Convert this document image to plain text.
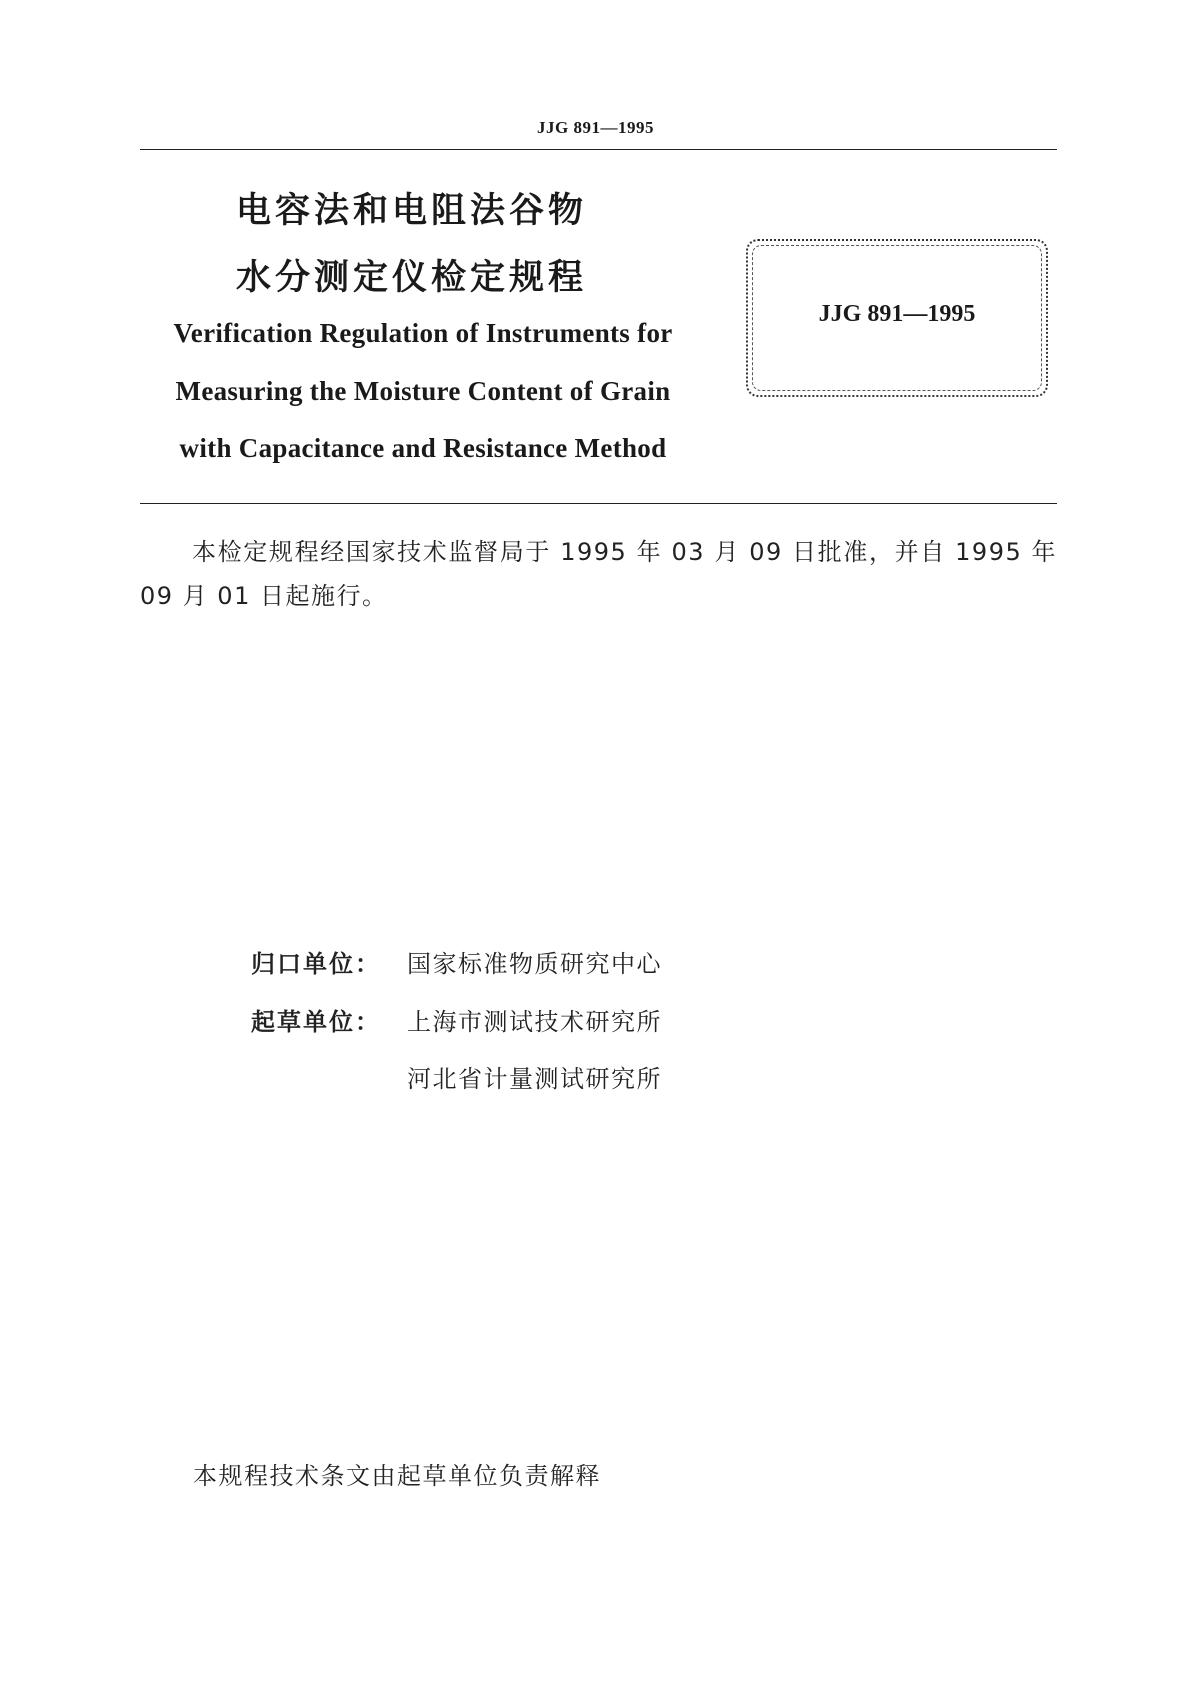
JJG 891—1995
电容法和电阻法谷物
水分测定仪检定规程
Verification Regulation of Instruments for
Measuring the Moisture Content of Grain
with Capacitance and Resistance Method
JJG 891—1995
本检定规程经国家技术监督局于 1995 年 03 月 09 日批准，并自 1995 年 09 月 01 日起施行。
归口单位： 国家标准物质研究中心
起草单位： 上海市测试技术研究所
河北省计量测试研究所
本规程技术条文由起草单位负责解释
